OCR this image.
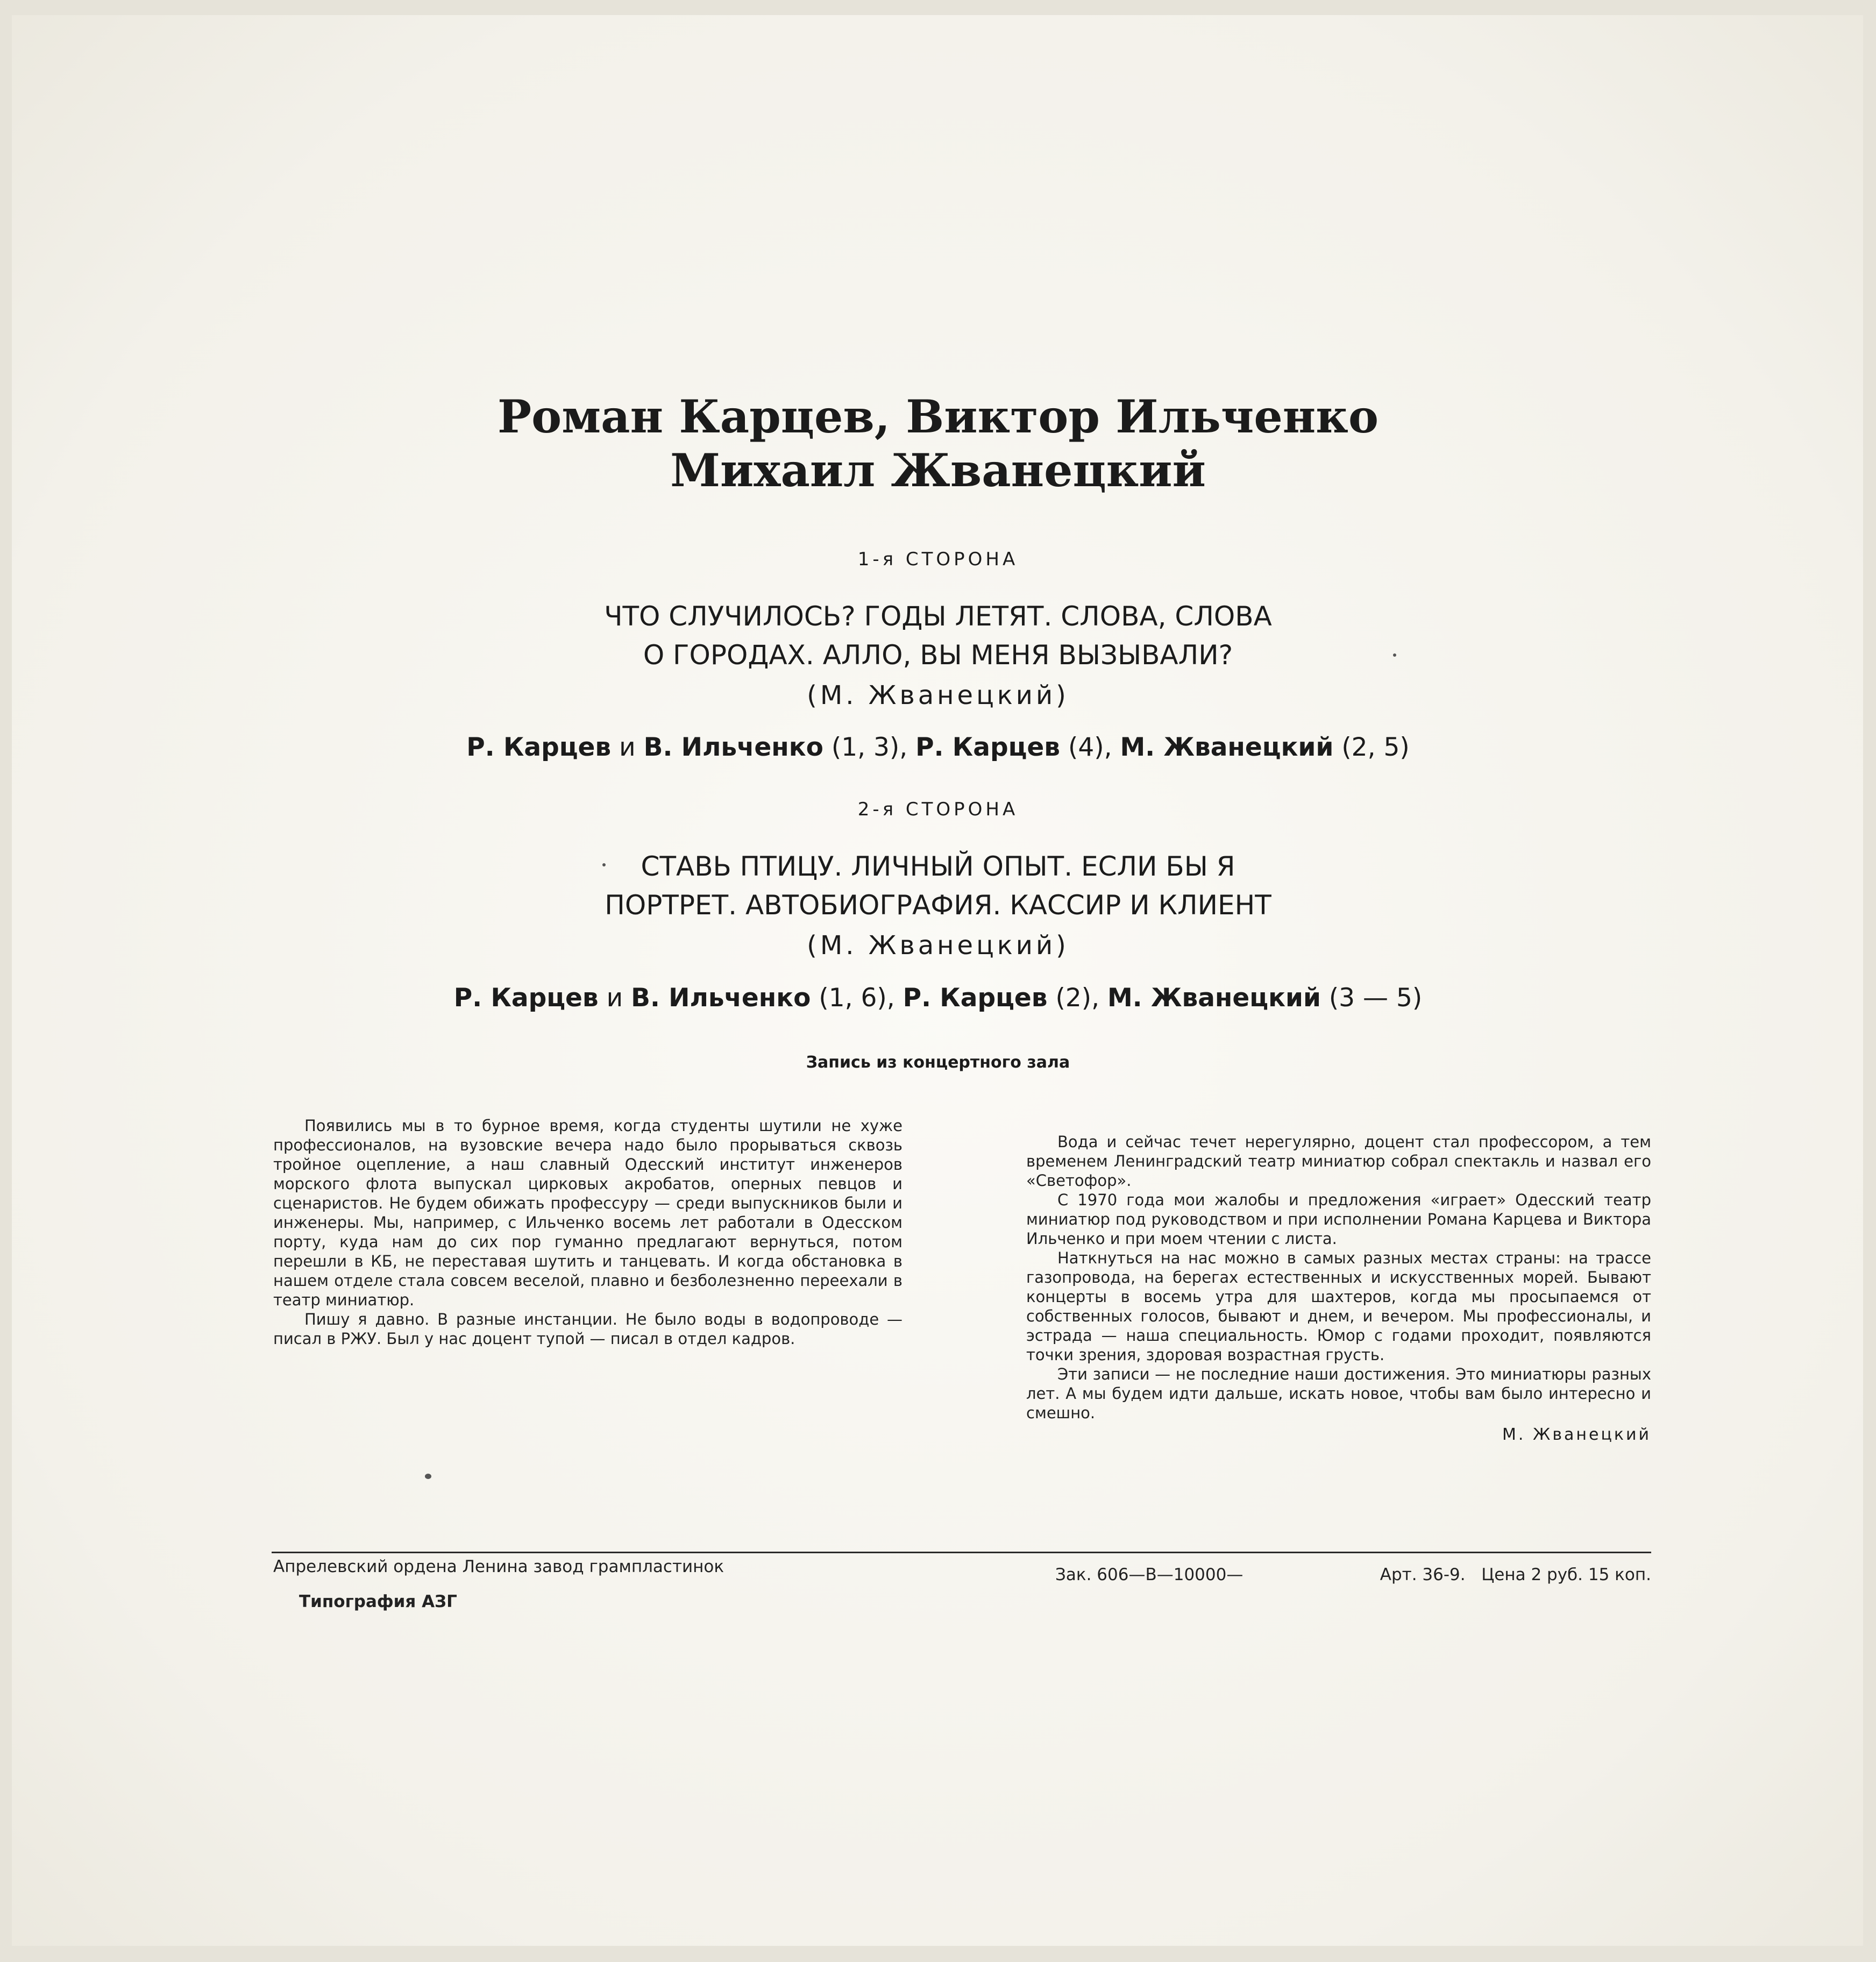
Роман Карцев, Виктор Ильченко
Михаил Жванецкий
1-я СТОРОНА
ЧТО СЛУЧИЛОСЬ? ГОДЫ ЛЕТЯТ. СЛОВА, СЛОВА
О ГОРОДАХ. АЛЛО, ВЫ МЕНЯ ВЫЗЫВАЛИ?
(М. Жванецкий)
Р. Карцев и В. Ильченко (1, 3), Р. Карцев (4), М. Жванецкий (2, 5)
2-я СТОРОНА
СТАВЬ ПТИЦУ. ЛИЧНЫЙ ОПЫТ. ЕСЛИ БЫ Я
ПОРТРЕТ. АВТОБИОГРАФИЯ. КАССИР И КЛИЕНТ
(М. Жванецкий)
Р. Карцев и В. Ильченко (1, 6), Р. Карцев (2), М. Жванецкий (3 — 5)
Запись из концертного зала

Появились мы в то бурное время, когда студенты шутили не хуже профессионалов, на вузовские вечера надо было прорываться сквозь тройное оцепление, а наш славный Одесский институт инженеров морского флота выпускал цирковых акробатов, оперных певцов и сценаристов. Не будем обижать профессуру — среди выпускников были и инженеры. Мы, например, с Ильченко восемь лет работали в Одесском порту, куда нам до сих пор гуманно предлагают вернуться, потом перешли в КБ, не переставая шутить и танцевать. И когда обстановка в нашем отделе стала совсем веселой, плавно и безболезненно переехали в театр миниатюр.

Пишу я давно. В разные инстанции. Не было воды в водопроводе — писал в РЖУ. Был у нас доцент тупой — писал в отдел кадров.

Вода и сейчас течет нерегулярно, доцент стал профессором, а тем временем Ленинградский театр миниатюр собрал спектакль и назвал его «Светофор».

С 1970 года мои жалобы и предложения «играет» Одесский театр миниатюр под руководством и при исполнении Романа Карцева и Виктора Ильченко и при моем чтении с листа.

Наткнуться на нас можно в самых разных местах страны: на трассе газопровода, на берегах естественных и искусственных морей. Бывают концерты в восемь утра для шахтеров, когда мы просыпаемся от собственных голосов, бывают и днем, и вечером. Мы профессионалы, и эстрада — наша специальность. Юмор с годами проходит, появляются точки зрения, здоровая возрастная грусть.

Эти записи — не последние наши достижения. Это миниатюры разных лет. А мы будем идти дальше, искать новое, чтобы вам было интересно и смешно.

М. Жванецкий
Апрелевский ордена Ленина завод грампластинок
Типография АЗГ
Зак. 606—В—10000—	Арт. 36-9.   Цена 2 руб. 15 коп.
